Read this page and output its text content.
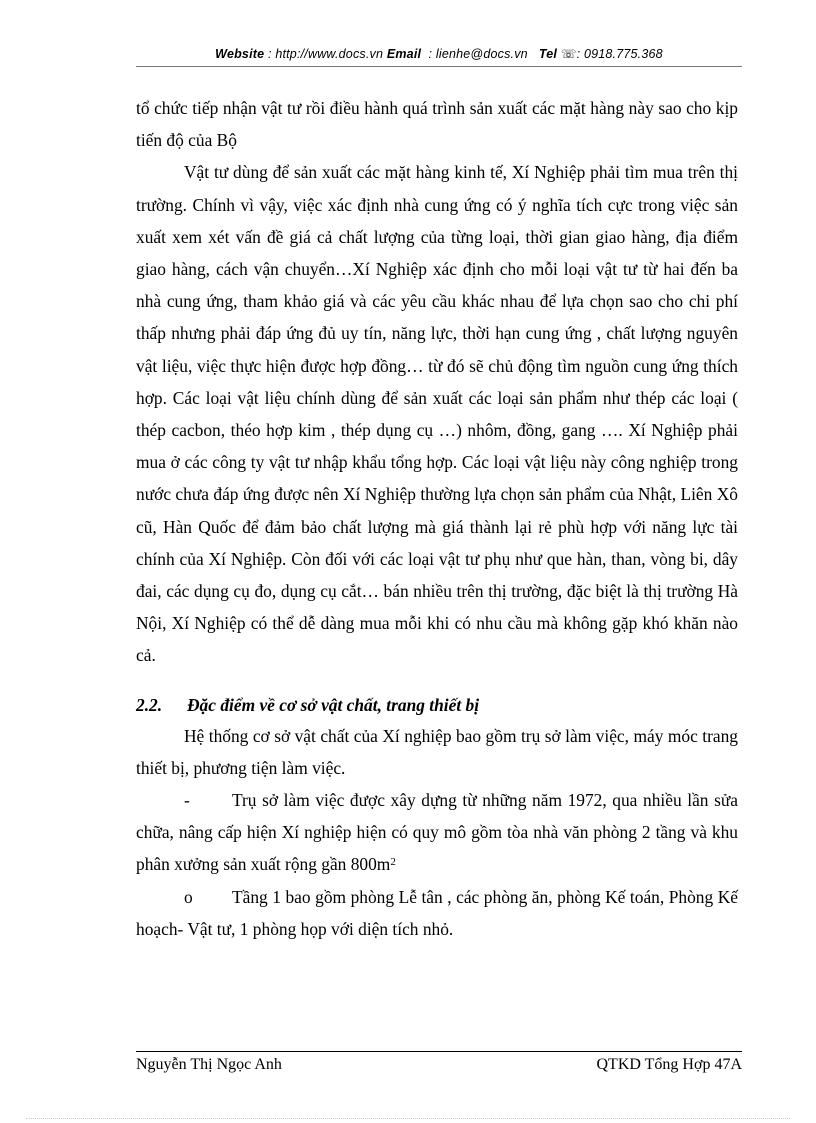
Website : http://www.docs.vn Email  : lienhe@docs.vn Tel ☏: 0918.775.368

tổ chức tiếp nhận vật tư rồi điều hành quá trình sản xuất các mặt hàng này sao cho kịp tiến độ của Bộ

Vật tư dùng để sản xuất các mặt hàng kinh tế, Xí Nghiệp phải tìm mua trên thị trường. Chính vì vậy, việc xác định nhà cung ứng có ý nghĩa tích cực trong việc sản xuất xem xét vấn đề giá cả chất lượng của từng loại, thời gian giao hàng, địa điểm giao hàng, cách vận chuyển…Xí Nghiệp xác định cho mỗi loại vật tư từ hai đến ba nhà cung ứng, tham khảo giá và các yêu cầu khác nhau để lựa chọn sao cho chi phí thấp nhưng phải đáp ứng đủ uy tín, năng lực, thời hạn cung ứng , chất lượng nguyên vật liệu, việc thực hiện được hợp đồng… từ đó sẽ chủ động tìm nguồn cung ứng thích hợp. Các loại vật liệu chính dùng để sản xuất các loại sản phẩm như thép các loại ( thép cacbon, théo hợp kim , thép dụng cụ …) nhôm, đồng, gang …. Xí Nghiệp phải mua ở các công ty vật tư nhập khẩu tổng hợp. Các loại vật liệu này công nghiệp trong nước chưa đáp ứng được nên Xí Nghiệp thường lựa chọn sản phẩm của Nhật, Liên Xô cũ, Hàn Quốc để đảm bảo chất lượng mà giá thành lại rẻ phù hợp với năng lực tài chính của Xí Nghiệp. Còn đối với các loại vật tư phụ như que hàn, than, vòng bi, dây đai, các dụng cụ đo, dụng cụ cắt… bán nhiều trên thị trường, đặc biệt là thị trường Hà Nội, Xí Nghiệp có thể dễ dàng mua mỗi khi có nhu cầu mà không gặp khó khăn nào cả.

2.2. Đặc điểm về cơ sở vật chất, trang thiết bị

Hệ thống cơ sở vật chất của Xí nghiệp bao gồm trụ sở làm việc, máy móc trang thiết bị, phương tiện làm việc.

- Trụ sở làm việc được xây dựng từ những năm 1972, qua nhiều lần sửa chữa, nâng cấp hiện Xí nghiệp hiện có quy mô gồm tòa nhà văn phòng 2 tầng và khu phân xưởng sản xuất rộng gần $800m^2$

o Tầng 1 bao gồm phòng Lễ tân , các phòng ăn, phòng Kế toán, Phòng Kế hoạch- Vật tư, 1 phòng họp với diện tích nhỏ.

Nguyễn Thị Ngọc Anh	QTKD Tổng Hợp 47A
